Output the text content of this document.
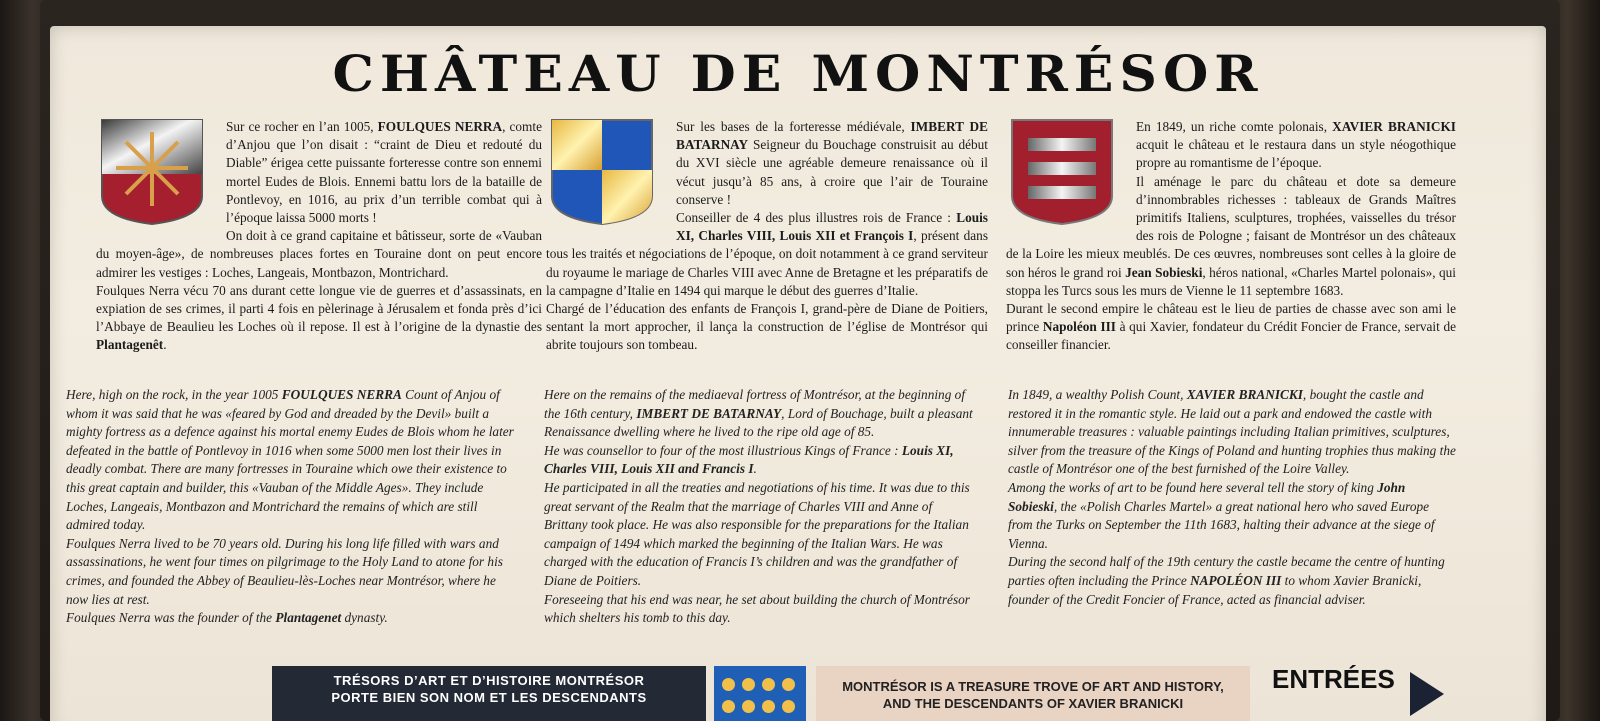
CHÂTEAU DE MONTRÉSOR

Sur ce rocher en l’an 1005, FOULQUES NERRA, comte d’Anjou que l’on disait : “craint de Dieu et redouté du Diable” érigea cette puissante forteresse contre son ennemi mortel Eudes de Blois. Ennemi battu lors de la bataille de Pontlevoy, en 1016, au prix d’un terrible combat qui à l’époque laissa 5000 morts !

On doit à ce grand capitaine et bâtisseur, sorte de «Vauban du moyen-âge», de nombreuses places fortes en Touraine dont on peut encore admirer les vestiges : Loches, Langeais, Montbazon, Montrichard.

Foulques Nerra vécu 70 ans durant cette longue vie de guerres et d’assassinats, en expiation de ses crimes, il parti 4 fois en pèlerinage à Jérusalem et fonda près d’ici l’Abbaye de Beaulieu les Loches où il repose. Il est à l’origine de la dynastie des Plantagenêt.

Sur les bases de la forteresse médiévale, IMBERT DE BATARNAY Seigneur du Bouchage construisit au début du XVI siècle une agréable demeure renaissance où il vécut jusqu’à 85 ans, à croire que l’air de Touraine conserve !

Conseiller de 4 des plus illustres rois de France : Louis XI, Charles VIII, Louis XII et François I, présent dans tous les traités et négociations de l’époque, on doit notamment à ce grand serviteur du royaume le mariage de Charles VIII avec Anne de Bretagne et les préparatifs de la campagne d’Italie en 1494 qui marque le début des guerres d’Italie.

Chargé de l’éducation des enfants de François I, grand-père de Diane de Poitiers, sentant la mort approcher, il lança la construction de l’église de Montrésor qui abrite toujours son tombeau.

En 1849, un riche comte polonais, XAVIER BRANICKI acquit le château et le restaura dans un style néogothique propre au romantisme de l’époque.

Il aménage le parc du château et dote sa demeure d’innombrables richesses : tableaux de Grands Maîtres primitifs Italiens, sculptures, trophées, vaisselles du trésor des rois de Pologne ; faisant de Montrésor un des châteaux de la Loire les mieux meublés. De ces œuvres, nombreuses sont celles à la gloire de son héros le grand roi Jean Sobieski, héros national, «Charles Martel polonais», qui stoppa les Turcs sous les murs de Vienne le 11 septembre 1683.

Durant le second empire le château est le lieu de parties de chasse avec son ami le prince Napoléon III à qui Xavier, fondateur du Crédit Foncier de France, servait de conseiller financier.

Here, high on the rock, in the year 1005 FOULQUES NERRA Count of Anjou of whom it was said that he was «feared by God and dreaded by the Devil» built a mighty fortress as a defence against his mortal enemy Eudes de Blois whom he later defeated in the battle of Pontlevoy in 1016 when some 5000 men lost their lives in deadly combat. There are many fortresses in Touraine which owe their existence to this great captain and builder, this «Vauban of the Middle Ages». They include Loches, Langeais, Montbazon and Montrichard the remains of which are still admired today.

Foulques Nerra lived to be 70 years old. During his long life filled with wars and assassinations, he went four times on pilgrimage to the Holy Land to atone for his crimes, and founded the Abbey of Beaulieu-lès-Loches near Montrésor, where he now lies at rest.

Foulques Nerra was the founder of the Plantagenet dynasty.

Here on the remains of the mediaeval fortress of Montrésor, at the beginning of the 16th century, IMBERT DE BATARNAY, Lord of Bouchage, built a pleasant Renaissance dwelling where he lived to the ripe old age of 85.

He was counsellor to four of the most illustrious Kings of France : Louis XI, Charles VIII, Louis XII and Francis I.

He participated in all the treaties and negotiations of his time. It was due to this great servant of the Realm that the marriage of Charles VIII and Anne of Brittany took place. He was also responsible for the preparations for the Italian campaign of 1494 which marked the beginning of the Italian Wars. He was charged with the education of Francis I’s children and was the grandfather of Diane de Poitiers.

Foreseeing that his end was near, he set about building the church of Montrésor which shelters his tomb to this day.

In 1849, a wealthy Polish Count, XAVIER BRANICKI, bought the castle and restored it in the romantic style. He laid out a park and endowed the castle with innumerable treasures : valuable paintings including Italian primitives, sculptures, silver from the treasure of the Kings of Poland and hunting trophies thus making the castle of Montrésor one of the best furnished of the Loire Valley.

Among the works of art to be found here several tell the story of king John Sobieski, the «Polish Charles Martel» a great national hero who saved Europe from the Turks on September the 11th 1683, halting their advance at the siege of Vienna.

During the second half of the 19th century the castle became the centre of hunting parties often including the Prince NAPOLÉON III to whom Xavier Branicki, founder of the Credit Foncier of France, acted as financial adviser.

TRÉSORS D’ART ET D’HISTOIRE MONTRÉSOR
PORTE BIEN SON NOM ET LES DESCENDANTS
MONTRÉSOR IS A TREASURE TROVE OF ART AND HISTORY,
AND THE DESCENDANTS OF XAVIER BRANICKI
ENTRÉES
